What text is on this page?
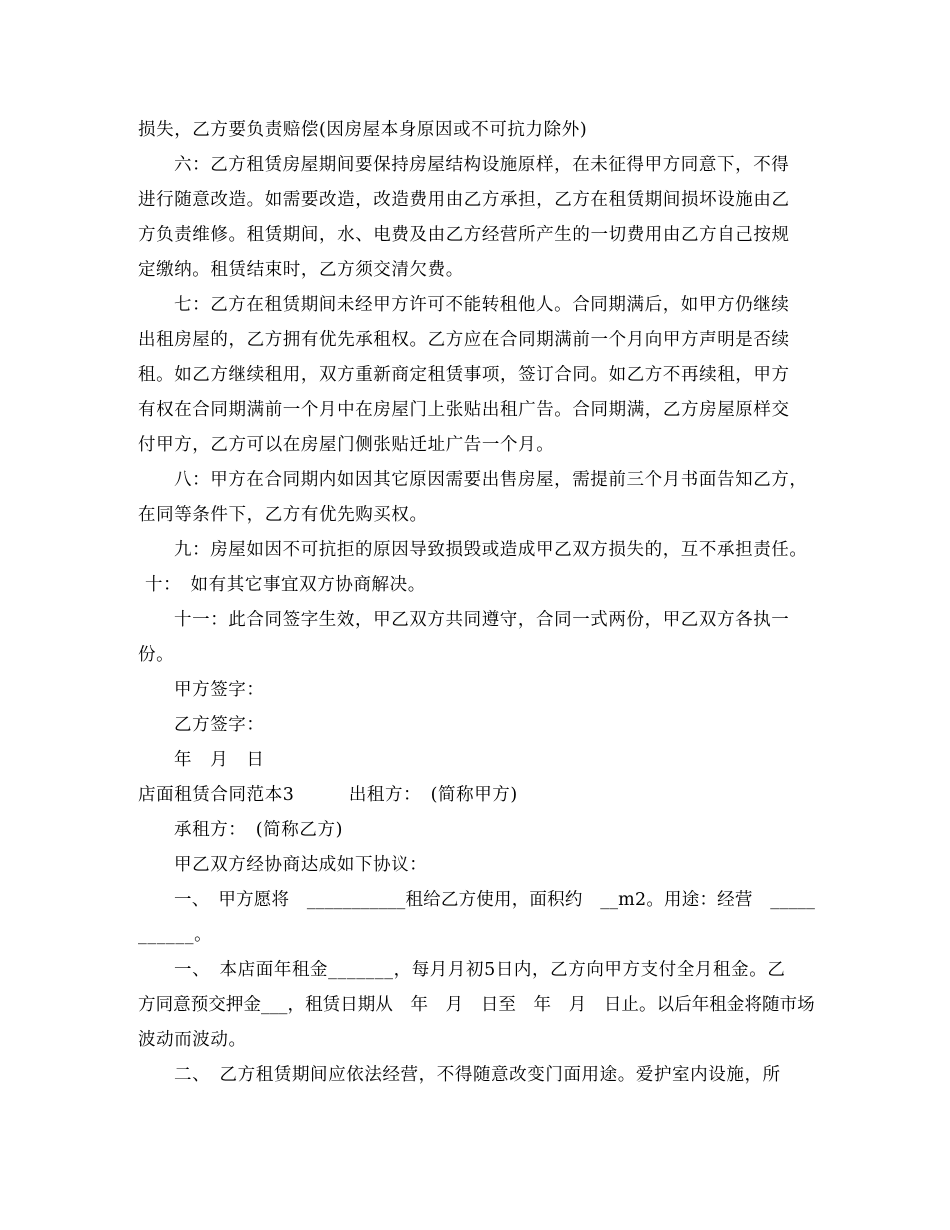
损失，乙方要负责赔偿(因房屋本身原因或不可抗力除外)
六：乙方租赁房屋期间要保持房屋结构设施原样，在未征得甲方同意下，不得
进行随意改造。如需要改造，改造费用由乙方承担，乙方在租赁期间损坏设施由乙
方负责维修。租赁期间，水、电费及由乙方经营所产生的一切费用由乙方自己按规
定缴纳。租赁结束时，乙方须交清欠费。
七：乙方在租赁期间未经甲方许可不能转租他人。合同期满后，如甲方仍继续
出租房屋的，乙方拥有优先承租权。乙方应在合同期满前一个月向甲方声明是否续
租。如乙方继续租用，双方重新商定租赁事项，签订合同。如乙方不再续租，甲方
有权在合同期满前一个月中在房屋门上张贴出租广告。合同期满，乙方房屋原样交
付甲方，乙方可以在房屋门侧张贴迁址广告一个月。
八：甲方在合同期内如因其它原因需要出售房屋，需提前三个月书面告知乙方，
在同等条件下，乙方有优先购买权。
九：房屋如因不可抗拒的原因导致损毁或造成甲乙双方损失的，互不承担责任。
十：　如有其它事宜双方协商解决。
十一：此合同签字生效，甲乙双方共同遵守，合同一式两份，甲乙双方各执一
份。
甲方签字：
乙方签字：
年　月　日
店面租赁合同范本3　　　出租方：　(简称甲方)
承租方：　(简称乙方)
甲乙双方经协商达成如下协议：
一、　甲方愿将　___________租给乙方使用，面积约　__m2。用途：经营　_____
______。
一、　本店面年租金_______，每月月初5日内，乙方向甲方支付全月租金。乙
方同意预交押金___，租赁日期从　年　月　日至　年　月　日止。以后年租金将随市场
波动而波动。
二、　乙方租赁期间应依法经营，不得随意改变门面用途。爱护室内设施，所
